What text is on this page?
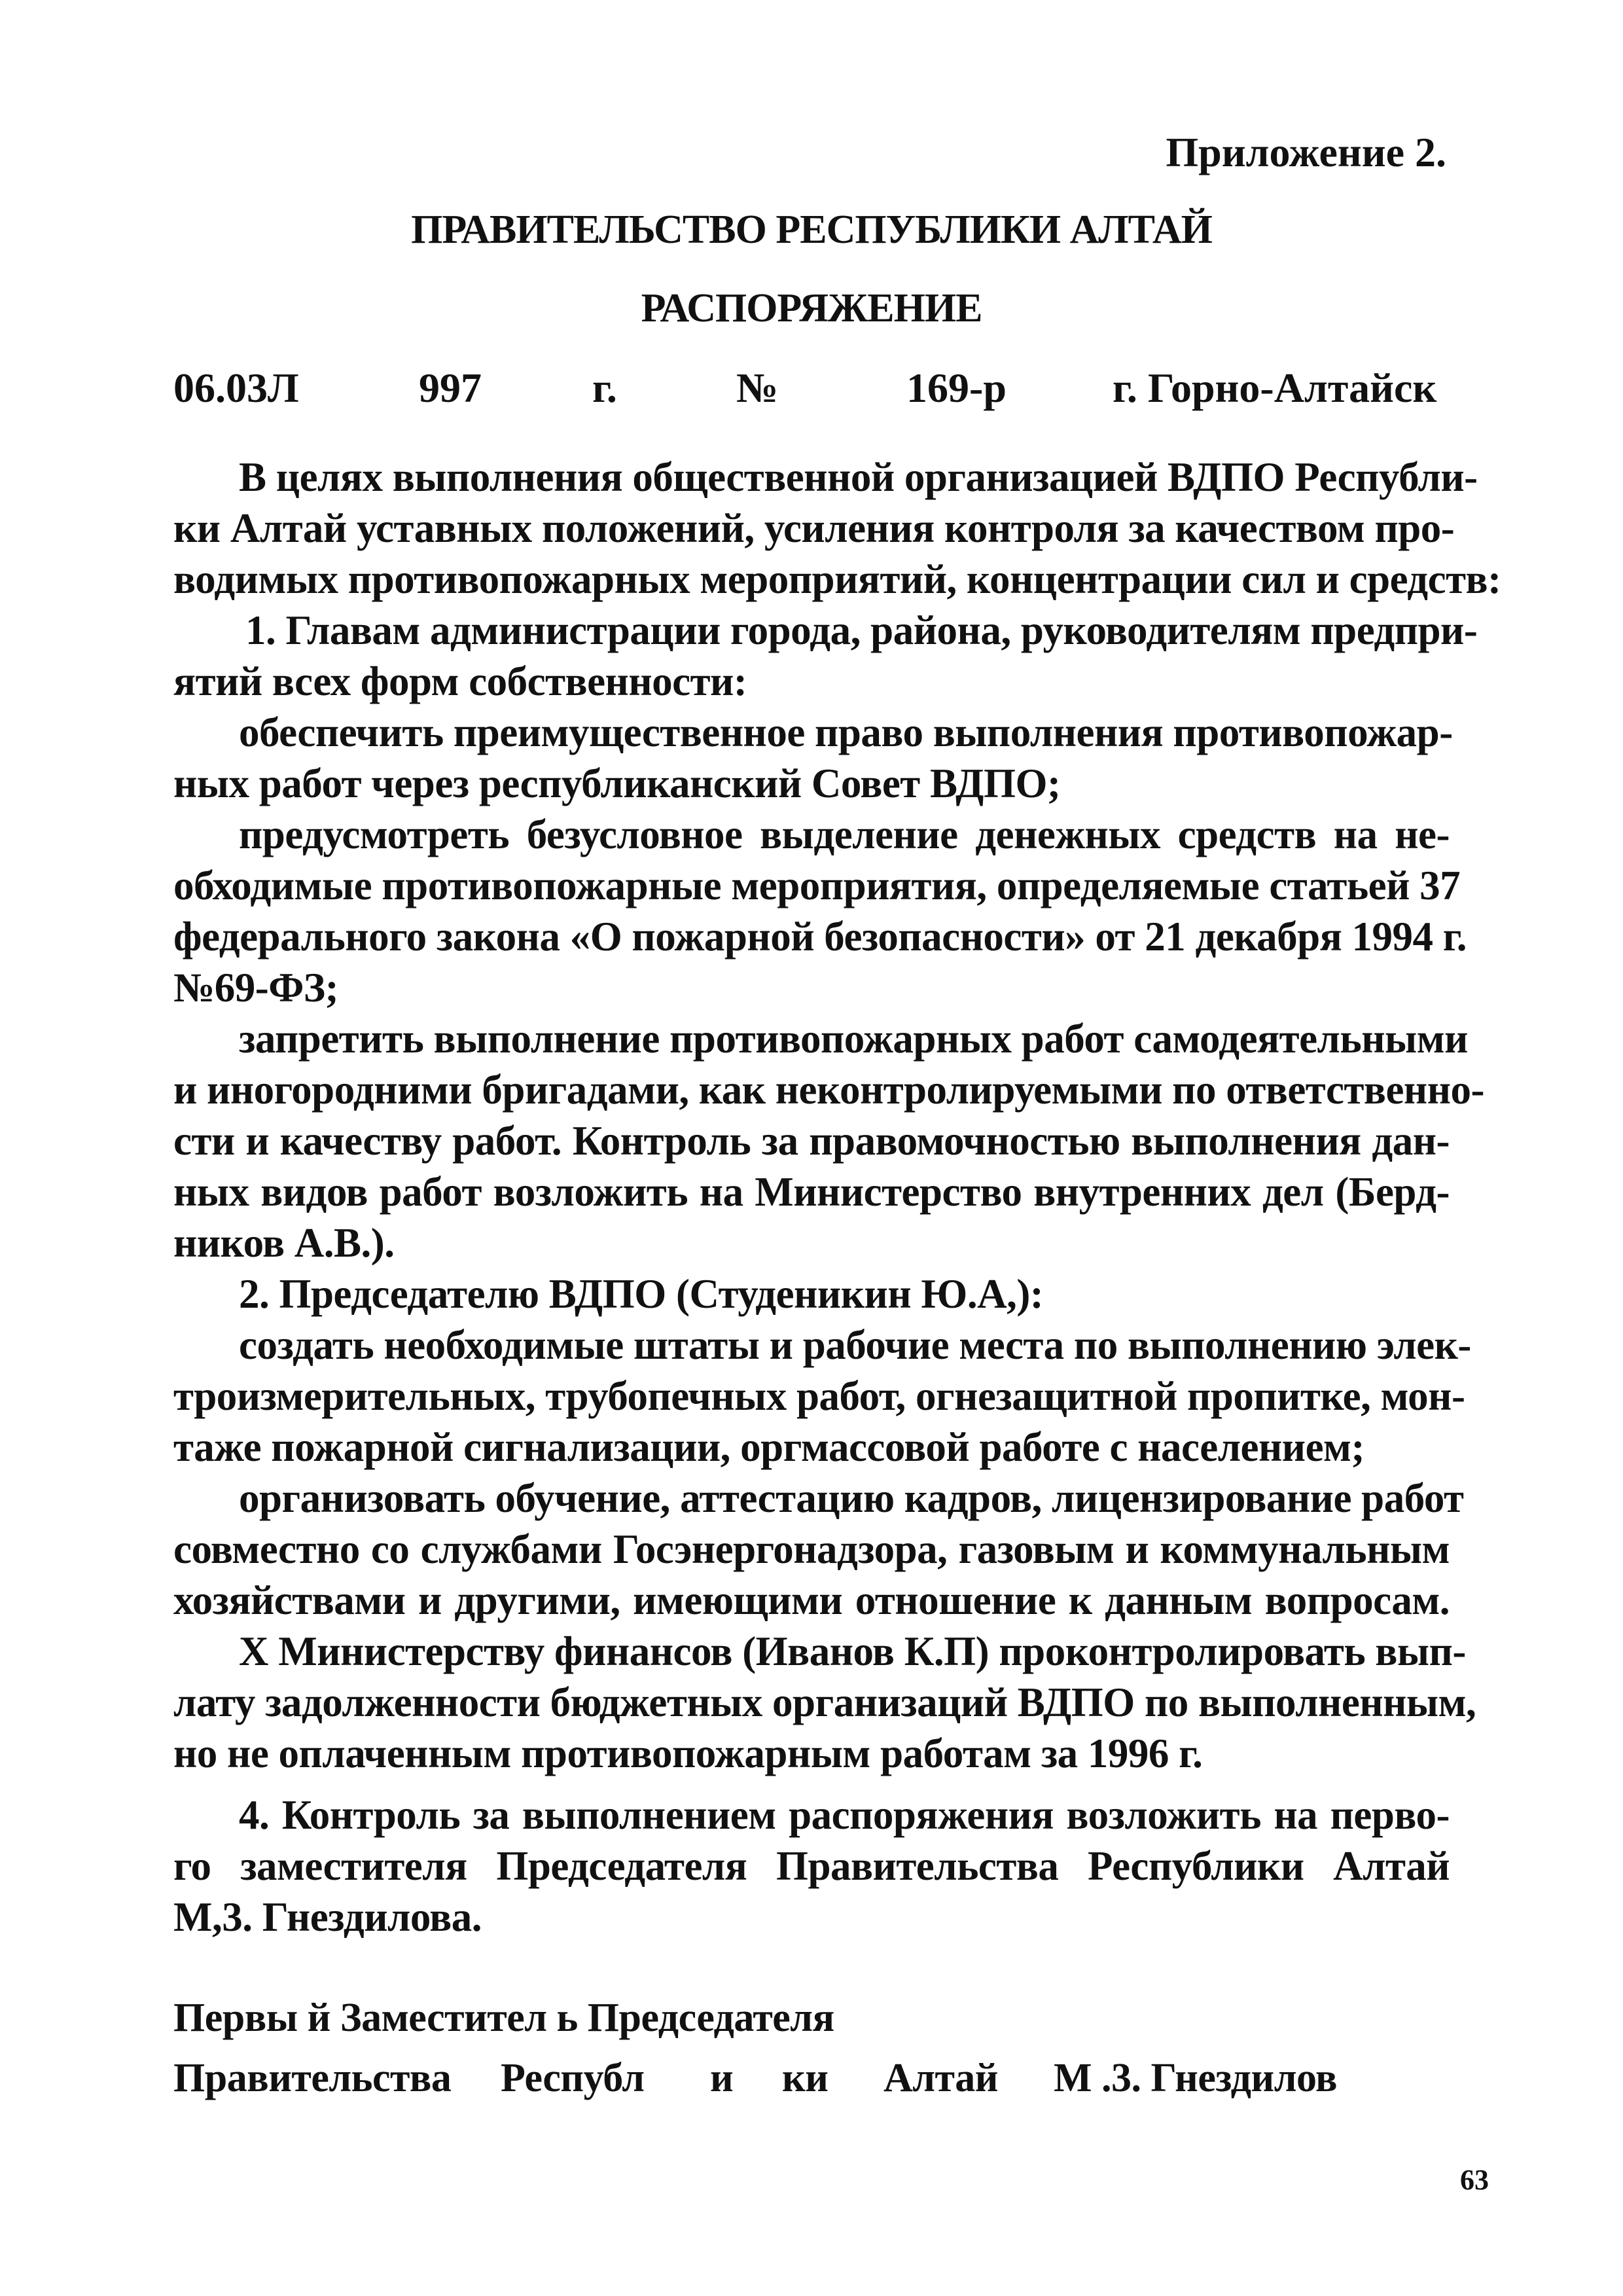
Приложение 2.
ПРАВИТЕЛЬСТВО РЕСПУБЛИКИ АЛТАЙ
РАСПОРЯЖЕНИЕ
06.03Л	997	г.	№	169-р	г. Горно-Алтайск
В целях выполнения общественной организацией ВДПО Республи-
ки Алтай уставных положений, усиления контроля за качеством про-
водимых противопожарных мероприятий, концентрации сил и средств:
1. Главам администрации города, района, руководителям предпри-
ятий всех форм собственности:
обеспечить преимущественное право выполнения противопожар-
ных работ через республиканский Совет ВДПО;
предусмотреть безусловное выделение денежных средств на не-
обходимые противопожарные мероприятия, определяемые статьей 37
федерального закона «О пожарной безопасности» от 21 декабря 1994 г.
№69-ФЗ;
запретить выполнение противопожарных работ самодеятельными
и иногородними бригадами, как неконтролируемыми по ответственно-
сти и качеству работ. Контроль за правомочностью выполнения дан-
ных видов работ возложить на Министерство внутренних дел (Берд-
ников А.В.).
2. Председателю ВДПО (Студеникин Ю.А,):
создать необходимые штаты и рабочие места по выполнению элек-
троизмерительных, трубопечных работ, огнезащитной пропитке, мон-
таже пожарной сигнализации, оргмассовой работе с населением;
организовать обучение, аттестацию кадров, лицензирование работ
совместно со службами Госэнергонадзора, газовым и коммунальным
хозяйствами и другими, имеющими отношение к данным вопросам.
Х Министерству финансов (Иванов К.П) проконтролировать вып-
лату задолженности бюджетных организаций ВДПО по выполненным,
но не оплаченным противопожарным работам за 1996 г.
4. Контроль за выполнением распоряжения возложить на перво-
го заместителя Председателя Правительства Республики Алтай
М,3. Гнездилова.
Первы й Заместител ь Председателя
Правительства Республ и ки Алтай М .3. Гнездилов
63
